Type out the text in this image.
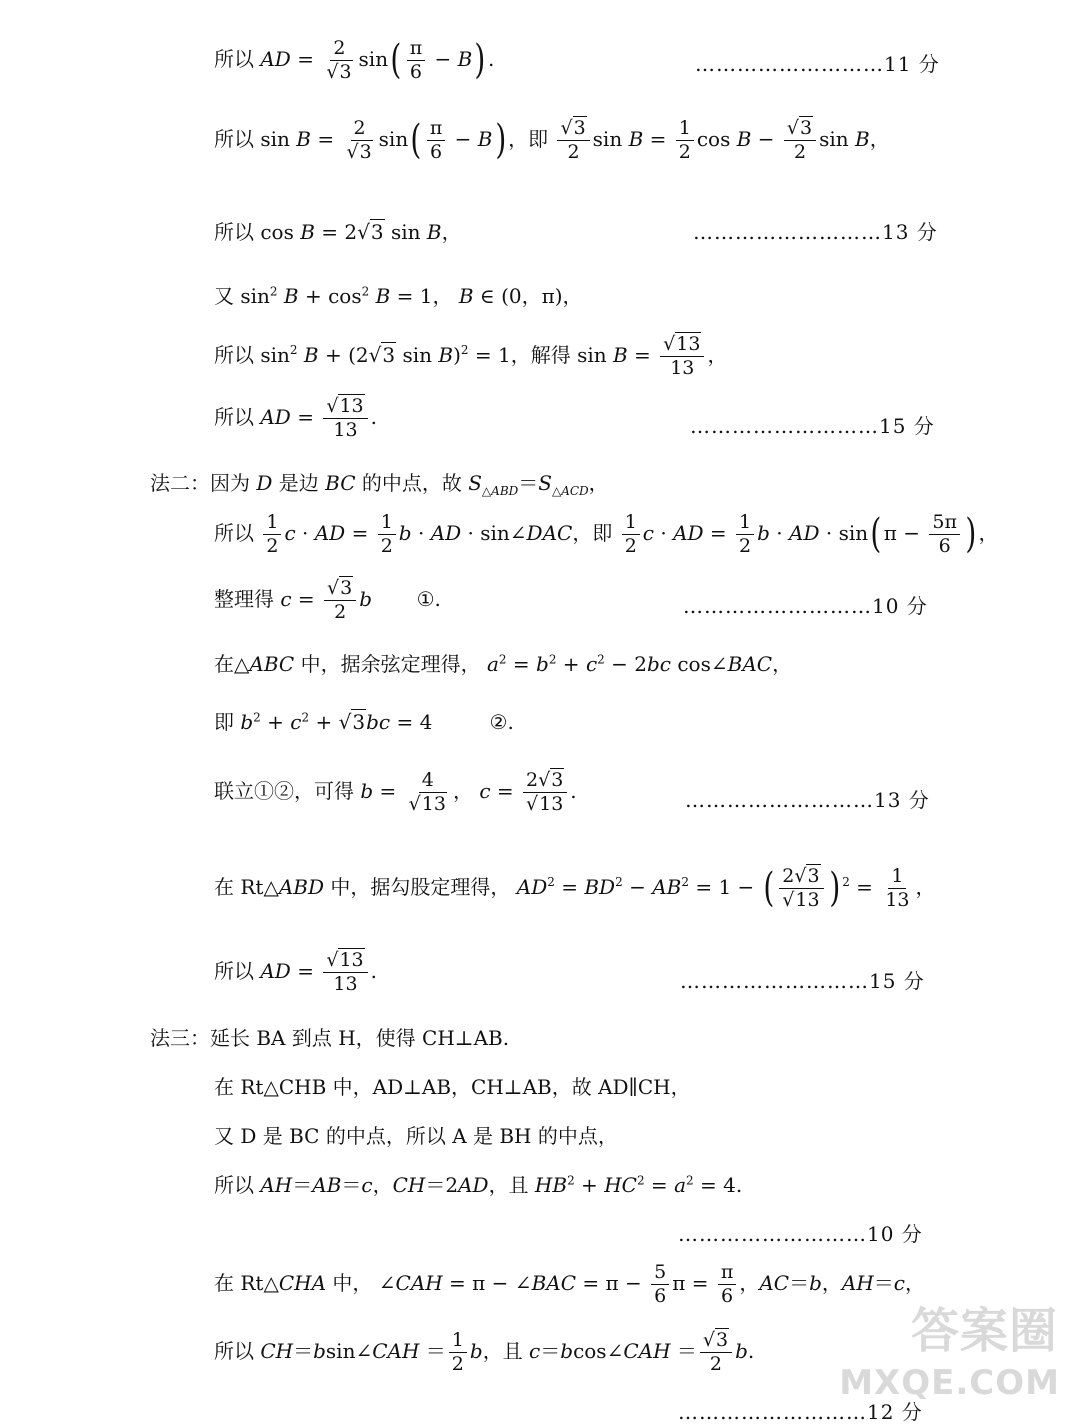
所以 AD = $\frac{2}{√3} \sin( \frac{\pi}{6} - B)$ .	………………………11 分
所以 $\sin B = \frac{2}{√3} \sin( \frac{\pi}{6} - B)$ ，即 $\frac{√3}{2}$ $\sin B = \frac{1}{2}$ $\cos B - \frac{√3}{2}$ sin B，
所以 cos B = 2√3 sin B，	………………………13 分
又 $\sin^2 B + \cos^2 B = 1$， B ∈ (0，π)，
所以 $\sin^2 B + (2√3$ sin B)$^2$ = 1，解得 $\sin B = \frac{√13}{13}$ ，
所以 AD = $\frac{√13}{13}$ .	………………………15 分
法二：因为 D 是边 BC 的中点，故 $S_{\triangle ABD}=S_{\triangle ACD}$，
所以 $\frac{1}{2}$ c · AD = $\frac{1}{2}$ b · AD · sin∠DAC，即 $\frac{1}{2}$ c · AD = $\frac{1}{2}$ b · AD · sin( $\pi - \frac{5\pi}{6}$ ) ，
整理得 $c = \frac{√3}{2}$ b       ①.	………………………10 分
在△ABC 中，据余弦定理得， $a^2 = b^2 + c^2 - 2bc$ cos∠BAC，
即 $b^2 + c^2 + √3bc = 4$         ②.
联立①②，可得 $b = \frac{4}{√13}$ ， $c = \frac{2√3}{√13}$ .	………………………13 分
在 Rt△ABD 中，据勾股定理得， $AD^2 = BD^2 - AB^2 = 1$ − ( $\frac{2√3}{√13}$ ) $^2 = \frac{1}{13}$ ，
所以 AD = $\frac{√13}{13}$ .	………………………15 分
法三：延长 BA 到点 H，使得 CH⊥AB.
在 Rt△CHB 中，AD⊥AB，CH⊥AB，故 AD∥CH，
又 D 是 BC 的中点，所以 A 是 BH 的中点，
所以 AH＝AB＝c，CH＝2AD，且 $HB^2 + HC^2 = a^2 = 4$.
………………………10 分
在 Rt△CHA 中， ∠CAH = π − ∠BAC = $\pi - \frac{5}{6}$ $\pi = \frac{\pi}{6}$ ，AC＝b，AH＝c，
所以 CH＝bsin∠CAH ＝ $\frac{1}{2}$ b，且 c＝bcos∠CAH ＝ $\frac{√3}{2} b$.
………………………12 分
答案圈
MXQE.COM
